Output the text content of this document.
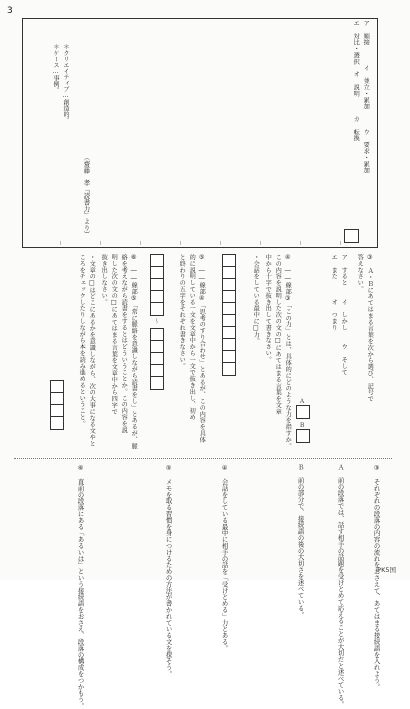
3
＊クリエイティブ…創造的。
＊ケース…事例。
（齋藤　孝『読書力』より）
ア　順接　　　イ　並立・累加　　　ウ　要求・累加
エ　対比・選択　オ　説明　　　カ　転換
③　Ａ・Ｂにあてはまる言葉を次から選び、記号で
答えなさい。
ア　すると　　イ　しかし　　ウ　そして
エ　また　　　オ　つまり
Ａ
Ｂ
④　――線部③「この力」とは、具体的にどのような力を指すか。
この内容を説明した次の文の□にあてはまる言葉を文章
中から十字で抜き出して書きなさい。
・会話をしている最中に□力。
⑤　――線部④「思考のすり合わせ」とあるが、この内容を具体
的に説明している一文を文章中から一文で抜き出し、初め
と終わりの五字をそれぞれ書きなさい。
～
⑥　――線部⑤「常に脈絡を意識しながら読書をし」とあるが、脈
絡を考えながら読書をするとはどういうことか。この内容を説
明した次の文の□にあてはまる言葉を文章中から四字で
抜き出しなさい。
・文章の□はどこにあるかを意識しながら、次の大事になる文やと
ころをチェックしたりしながら本を読み進めるということ。
③　それぞれの段落の内容の流れをおさえて、あてはまる接続語を入れよう。
Ａ　前の段落では、話す相手の話題を受けとめて応えることが大切だと述べている。
Ｂ　前の部分で、接続語の後の大切さを述べている。
④　会話をしている最中に相手の話を「受けとめる」力とある。
⑤　メモを取る習慣を身につけるための方法が書かれている文を探そう。
⑥　直前の段落にある「あるいは」という接続語をおさえ、段落の構成をつかもう。	PK5国
